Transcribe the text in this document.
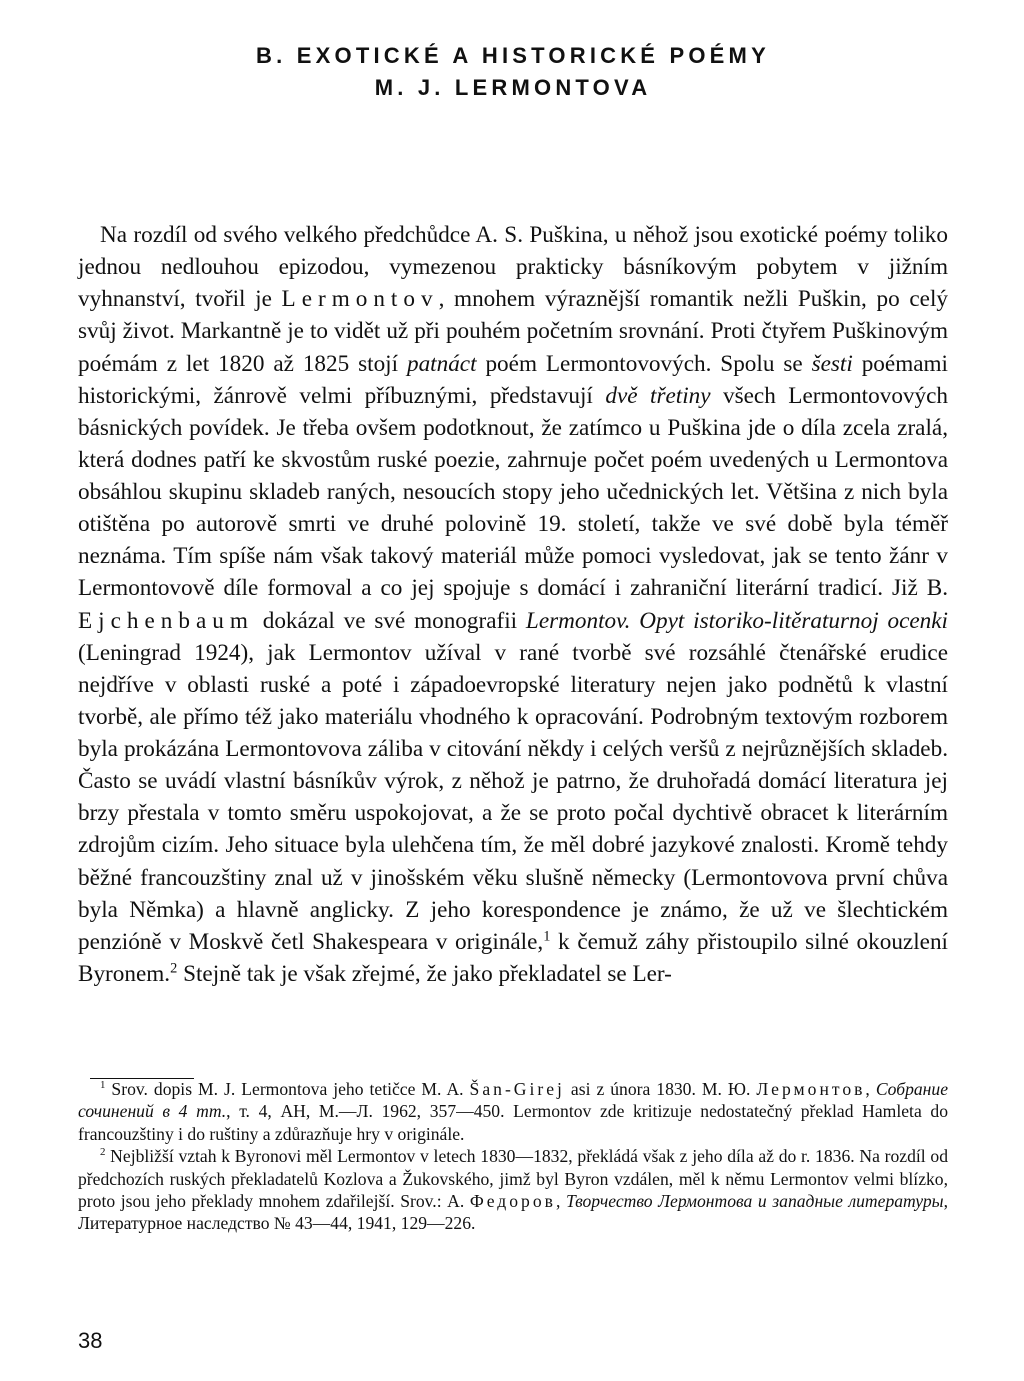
B. EXOTICKÉ A HISTORICKÉ POÉMY
M. J. LERMONTOVA

Na rozdíl od svého velkého předchůdce A. S. Puškina, u něhož jsou exotické poémy toliko jednou nedlouhou epizodou, vymezenou prakticky básníkovým pobytem v jižním vyhnanství, tvořil je Lermontov, mnohem výraznější romantik nežli Puškin, po celý svůj život. Markantně je to vidět už při pouhém početním srovnání. Proti čtyřem Puškinovým poémám z let 1820 až 1825 stojí patnáct poém Lermontovových. Spolu se šesti poémami historickými, žánrově velmi příbuznými, představují dvě třetiny všech Lermontovových básnických povídek. Je třeba ovšem podotknout, že zatímco u Puškina jde o díla zcela zralá, která dodnes patří ke skvostům ruské poezie, zahrnuje počet poém uvedených u Lermontova obsáhlou skupinu skladeb raných, nesoucích stopy jeho učednických let. Většina z nich byla otištěna po autorově smrti ve druhé polovině 19. století, takže ve své době byla téměř neznáma. Tím spíše nám však takový materiál může pomoci vysledovat, jak se tento žánr v Lermontovově díle formoval a co jej spojuje s domácí i zahraniční literární tradicí. Již B. Ejchenbaum dokázal ve své monografii Lermontov. Opyt istoriko-litěraturnoj ocenki (Leningrad 1924), jak Lermontov užíval v rané tvorbě své rozsáhlé čtenářské erudice nejdříve v oblasti ruské a poté i západoevropské literatury nejen jako podnětů k vlastní tvorbě, ale přímo též jako materiálu vhodného k opracování. Podrobným textovým rozborem byla prokázána Lermontovova záliba v citování někdy i celých veršů z nejrůznějších skladeb. Často se uvádí vlastní básníkův výrok, z něhož je patrno, že druhořadá domácí literatura jej brzy přestala v tomto směru uspokojovat, a že se proto počal dychtivě obracet k literárním zdrojům cizím. Jeho situace byla ulehčena tím, že měl dobré jazykové znalosti. Kromě tehdy běžné francouzštiny znal už v jinošském věku slušně německy (Lermontovova první chůva byla Němka) a hlavně anglicky. Z jeho korespondence je známo, že už ve šlechtickém penzióně v Moskvě četl Shakespeara v originále,$^1$ k čemuž záhy přistoupilo silné okouzlení Byronem.$^2$ Stejně tak je však zřejmé, že jako překladatel se Ler-

$^1$ Srov. dopis M. J. Lermontova jeho tetičce M. A. Šan-Girej asi z února 1830. M. Ю. Лермонтов, Собрание сочинений в 4 тт., т. 4, АН, М.—Л. 1962, 357—450. Lermontov zde kritizuje nedostatečný překlad Hamleta do francouzštiny i do ruštiny a zdůrazňuje hry v originále.

$^2$ Nejbližší vztah k Byronovi měl Lermontov v letech 1830—1832, překládá však z jeho díla až do r. 1836. Na rozdíl od předchozích ruských překladatelů Kozlova a Žukovského, jimž byl Byron vzdálen, měl k němu Lermontov velmi blízko, proto jsou jeho překlady mnohem zdařilejší. Srov.: А. Федоров, Творчество Лермонтова и западные литературы, Литературное наследство № 43—44, 1941, 129—226.

38
